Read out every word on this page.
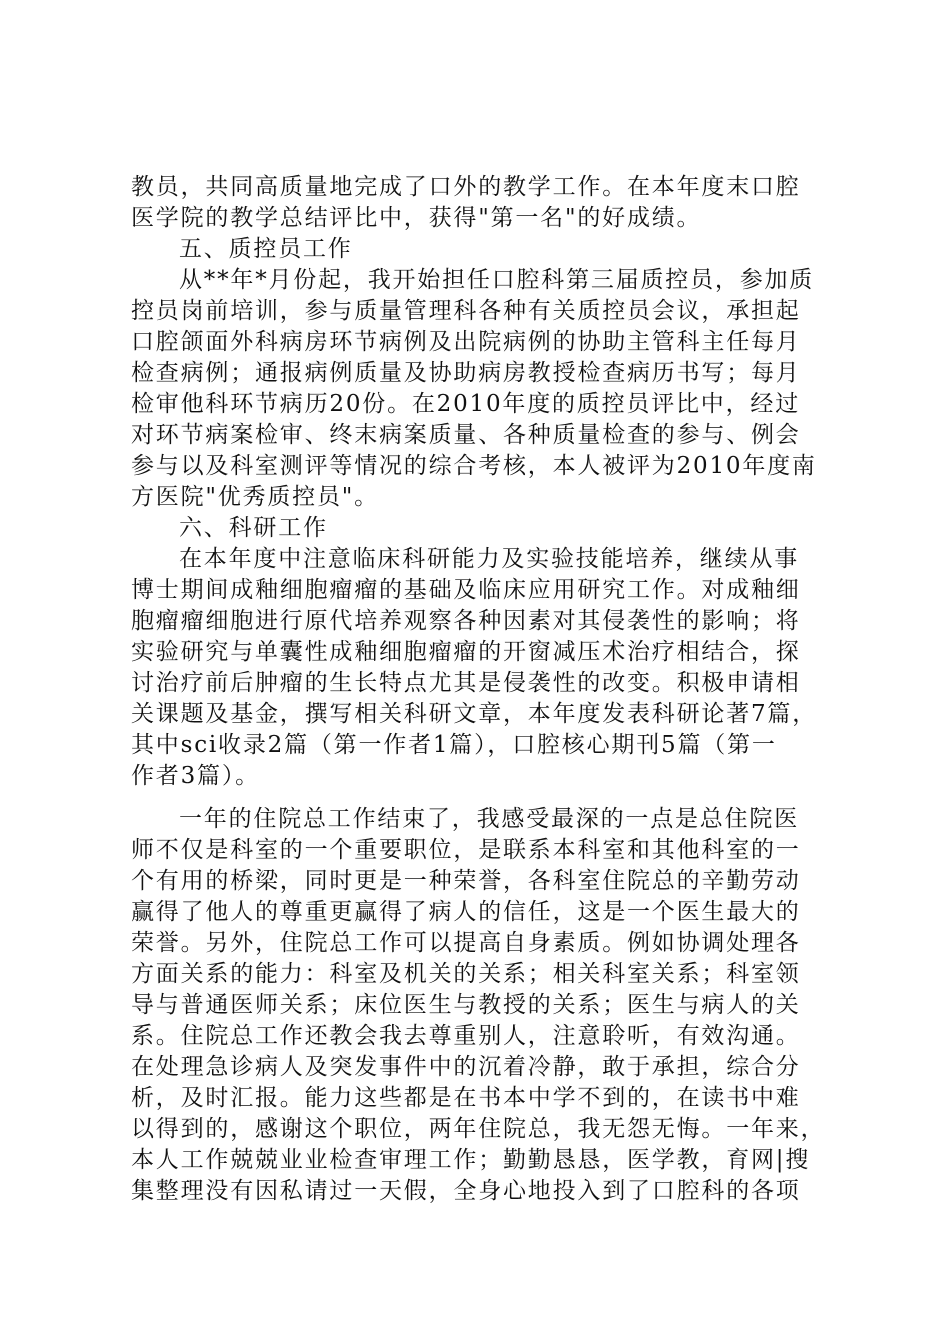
教员，共同高质量地完成了口外的教学工作。在本年度末口腔
医学院的教学总结评比中，获得"第一名"的好成绩。
五、质控员工作
从**年*月份起，我开始担任口腔科第三届质控员，参加质
控员岗前培训，参与质量管理科各种有关质控员会议，承担起
口腔颌面外科病房环节病例及出院病例的协助主管科主任每月
检查病例；通报病例质量及协助病房教授检查病历书写；每月
检审他科环节病历20份。在2010年度的质控员评比中，经过
对环节病案检审、终末病案质量、各种质量检查的参与、例会
参与以及科室测评等情况的综合考核，本人被评为2010年度南
方医院"优秀质控员"。
六、科研工作
在本年度中注意临床科研能力及实验技能培养，继续从事
博士期间成釉细胞瘤瘤的基础及临床应用研究工作。对成釉细
胞瘤瘤细胞进行原代培养观察各种因素对其侵袭性的影响；将
实验研究与单囊性成釉细胞瘤瘤的开窗减压术治疗相结合，探
讨治疗前后肿瘤的生长特点尤其是侵袭性的改变。积极申请相
关课题及基金，撰写相关科研文章，本年度发表科研论著7篇，
其中sci收录2篇（第一作者1篇），口腔核心期刊5篇（第一
作者3篇）。
一年的住院总工作结束了，我感受最深的一点是总住院医
师不仅是科室的一个重要职位，是联系本科室和其他科室的一
个有用的桥梁，同时更是一种荣誉，各科室住院总的辛勤劳动
赢得了他人的尊重更赢得了病人的信任，这是一个医生最大的
荣誉。另外，住院总工作可以提高自身素质。例如协调处理各
方面关系的能力：科室及机关的关系；相关科室关系；科室领
导与普通医师关系；床位医生与教授的关系；医生与病人的关
系。住院总工作还教会我去尊重别人，注意聆听，有效沟通。
在处理急诊病人及突发事件中的沉着冷静，敢于承担，综合分
析，及时汇报。能力这些都是在书本中学不到的，在读书中难
以得到的，感谢这个职位，两年住院总，我无怨无悔。一年来，
本人工作兢兢业业检查审理工作；勤勤恳恳，医学教，育网|搜
集整理没有因私请过一天假，全身心地投入到了口腔科的各项
